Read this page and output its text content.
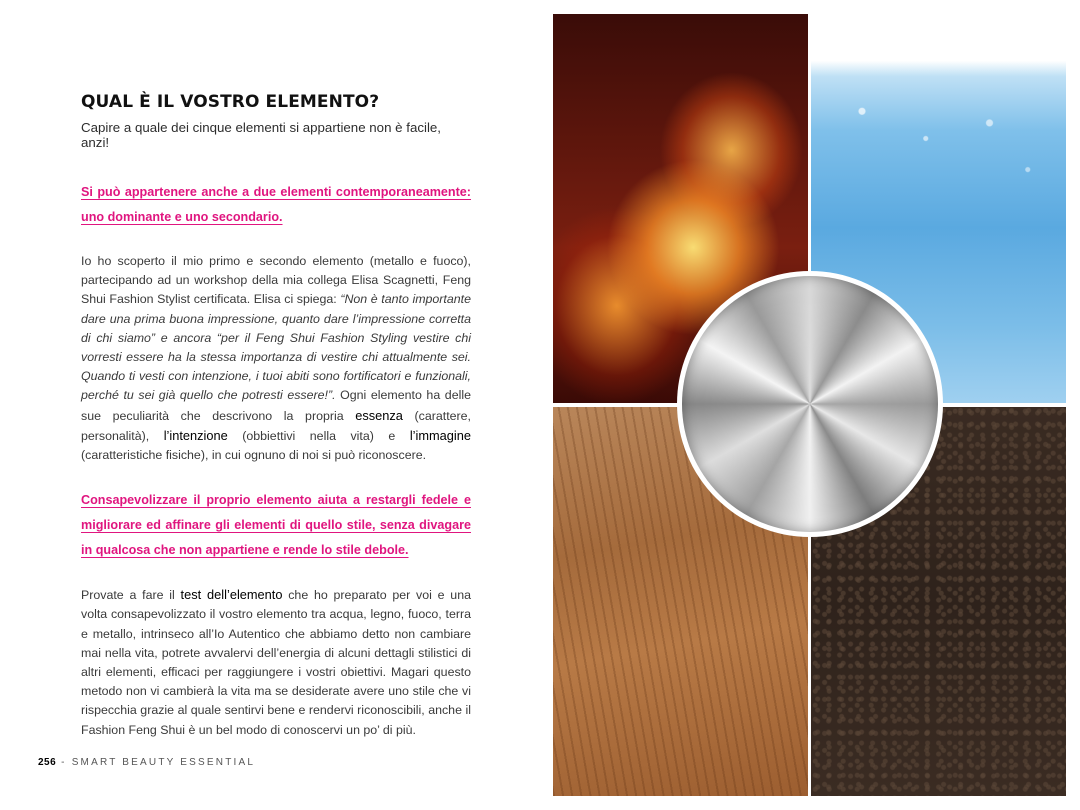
QUAL È IL VOSTRO ELEMENTO?

Capire a quale dei cinque elementi si appartiene non è facile, anzi!

Si può appartenere anche a due elementi contemporaneamente: uno dominante e uno secondario.

Io ho scoperto il mio primo e secondo elemento (metallo e fuoco), partecipando ad un workshop della mia collega Elisa Scagnetti, Feng Shui Fashion Stylist certificata. Elisa ci spiega: “Non è tanto importante dare una prima buona impressione, quanto dare l’impressione corretta di chi siamo” e ancora “per il Feng Shui Fashion Styling vestire chi vorresti essere ha la stessa importanza di vestire chi attualmente sei. Quando ti vesti con intenzione, i tuoi abiti sono fortificatori e funzionali, perché tu sei già quello che potresti essere!”. Ogni elemento ha delle sue peculiarità che descrivono la propria essenza (carattere, personalità), l’intenzione (obbiettivi nella vita) e l’immagine (caratteristiche fisiche), in cui ognuno di noi si può riconoscere.

Consapevolizzare il proprio elemento aiuta a restargli fedele e migliorare ed affinare gli elementi di quello stile, senza divagare in qualcosa che non appartiene e rende lo stile debole.

Provate a fare il test dell’elemento che ho preparato per voi e una volta consapevolizzato il vostro elemento tra acqua, legno, fuoco, terra e metallo, intrinseco all’Io Autentico che abbiamo detto non cambiare mai nella vita, potrete avvalervi dell’energia di alcuni dettagli stilistici di altri elementi, efficaci per raggiungere i vostri obiettivi. Magari questo metodo non vi cambierà la vita ma se desiderate avere uno stile che vi rispecchia grazie al quale sentirvi bene e rendervi riconoscibili, anche il Fashion Feng Shui è un bel modo di conoscervi un po’ di più.

256 - SMART BEAUTY ESSENTIAL
